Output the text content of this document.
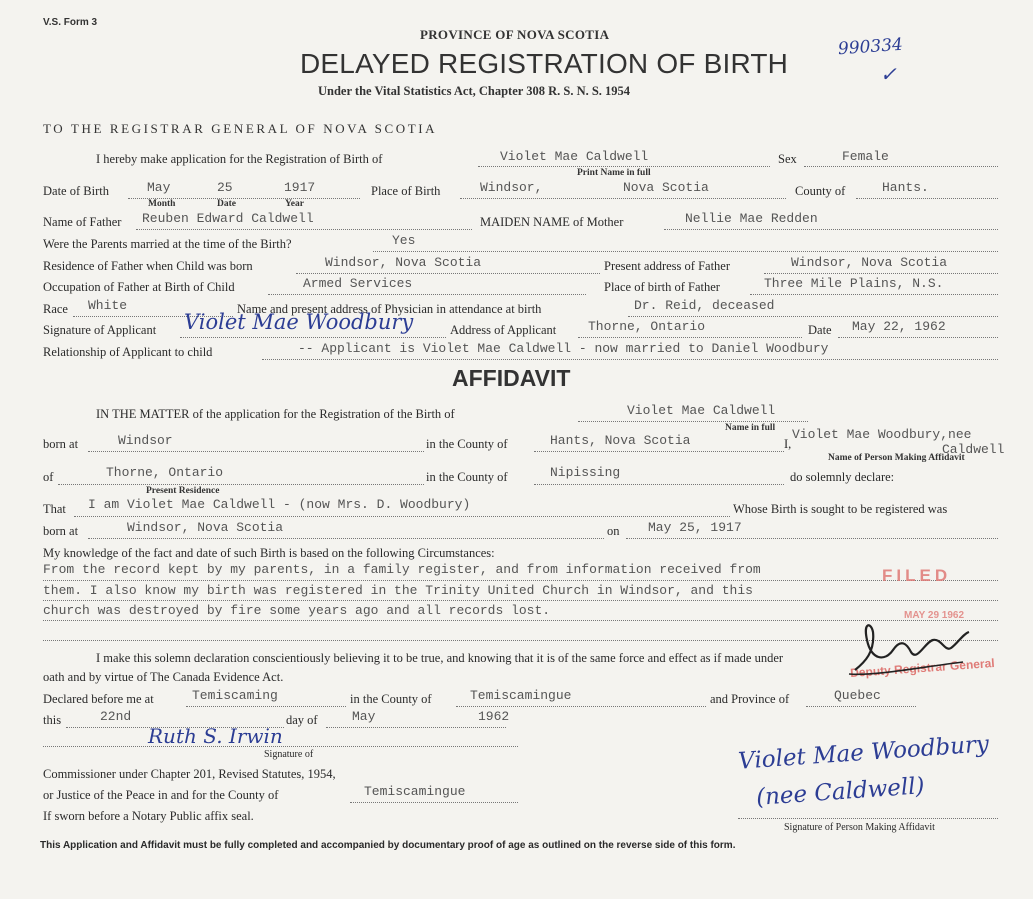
V.S. Form 3
PROVINCE OF NOVA SCOTIA
DELAYED REGISTRATION OF BIRTH
Under the Vital Statistics Act, Chapter 308 R. S. N. S. 1954
990334
✓
TO THE REGISTRAR GENERAL OF NOVA SCOTIA
I hereby make application for the Registration of Birth of	Violet Mae Caldwell
Print Name in full
Sex	Female
Date of Birth	May	25	1917
Month	Date	Year
Place of Birth	Windsor,	Nova Scotia	County of	Hants.
Name of Father Reuben Edward Caldwell	MAIDEN NAME of Mother	Nellie Mae Redden
Were the Parents married at the time of the Birth?	Yes
Residence of Father when Child was born	Windsor, Nova Scotia	Present address of Father	Windsor, Nova Scotia
Occupation of Father at Birth of Child	Armed Services	Place of birth of Father	Three Mile Plains, N.S.
Race White	Name and present address of Physician in attendance at birth	Dr. Reid, deceased
Signature of Applicant Violet Mae Woodbury	Address of Applicant Thorne, Ontario	Date May 22, 1962
Relationship of Applicant to child	-- Applicant is Violet Mae Caldwell - now married to Daniel Woodbury
AFFIDAVIT
IN THE MATTER of the application for the Registration of the Birth of	Violet Mae Caldwell
Name in full
born at	Windsor	in the County of	Hants, Nova Scotia	I,
Violet Mae Woodbury,nee
Caldwell
Name of Person Making Affidavit
of	Thorne, Ontario
Present Residence
in the County of	Nipissing	do solemnly declare:
That I am Violet Mae Caldwell - (now Mrs. D. Woodbury)	Whose Birth is sought to be registered was
born at	Windsor, Nova Scotia	on May 25, 1917
My knowledge of the fact and date of such Birth is based on the following Circumstances:
From the record kept by my parents, in a family register, and from information received from
them. I also know my birth was registered in the Trinity United Church in Windsor, and this
church was destroyed by fire some years ago and all records lost.
FILED
MAY 29 1962
Deputy Registrar General
I make this solemn declaration conscientiously believing it to be true, and knowing that it is of the same force and effect as if made under
oath and by virtue of The Canada Evidence Act.
Declared before me at	Temiscaming	in the County of	Temiscamingue	and Province of	Quebec
this	22nd	day of	May	1962
Ruth S. Irwin
Signature of
Commissioner under Chapter 201, Revised Statutes, 1954,
or Justice of the Peace in and for the County of	Temiscamingue
If sworn before a Notary Public affix seal.
Violet Mae Woodbury
(nee Caldwell)
Signature of Person Making Affidavit
This Application and Affidavit must be fully completed and accompanied by documentary proof of age as outlined on the reverse side of this form.
